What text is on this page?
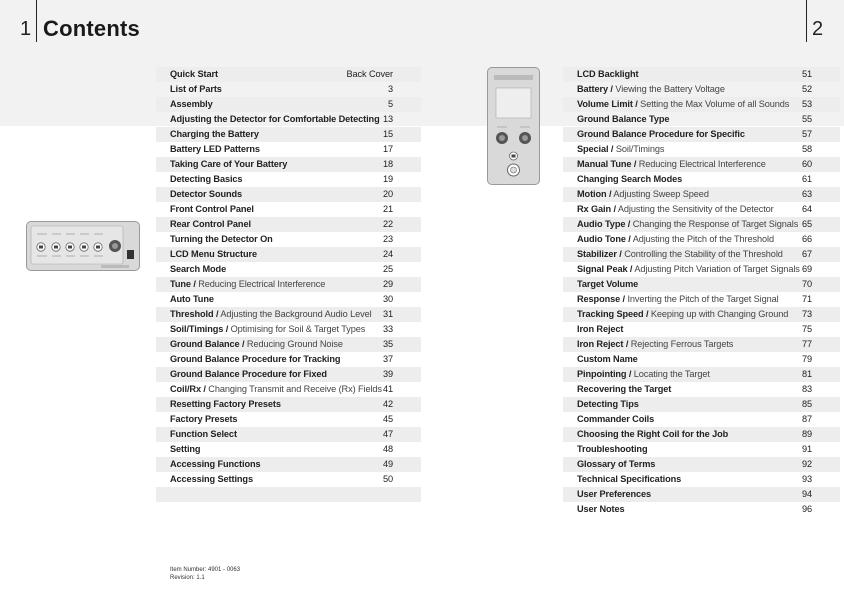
1 Contents	2
Quick Start	Back Cover
List of Parts	3
Assembly	5
Adjusting the Detector for Comfortable Detecting 13
Charging the Battery	15
Battery LED Patterns	17
Taking Care of Your Battery	18
Detecting Basics	19
Detector Sounds	20
Front Control Panel	21
Rear Control Panel	22
Turning the Detector On	23
LCD Menu Structure	24
Search Mode	25
Tune / Reducing Electrical Interference	29
Auto Tune	30
Threshold / Adjusting the Background Audio Level 31
Soil/Timings / Optimising for Soil & Target Types 33
Ground Balance / Reducing Ground Noise	35
Ground Balance Procedure for Tracking	37
Ground Balance Procedure for Fixed	39
Coil/Rx / Changing Transmit and Receive (Rx) Fields 41
Resetting Factory Presets	42
Factory Presets	45
Function Select	47
Setting	48
Accessing Functions	49
Accessing Settings	50
LCD Backlight	51
Battery / Viewing the Battery Voltage	52
Volume Limit / Setting the Max Volume of all Sounds 53
Ground Balance Type	55
Ground Balance Procedure for Specific	57
Special / Soil/Timings	58
Manual Tune / Reducing Electrical Interference	60
Changing Search Modes	61
Motion / Adjusting Sweep Speed	63
Rx Gain / Adjusting the Sensitivity of the Detector	64
Audio Type / Changing the Response of Target Signals 65
Audio Tone / Adjusting the Pitch of the Threshold	66
Stabilizer / Controlling the Stability of the Threshold 67
Signal Peak / Adjusting Pitch Variation of Target Signals 69
Target Volume	70
Response / Inverting the Pitch of the Target Signal	71
Tracking Speed / Keeping up with Changing Ground 73
Iron Reject	75
Iron Reject / Rejecting Ferrous Targets	77
Custom Name	79
Pinpointing / Locating the Target	81
Recovering the Target	83
Detecting Tips	85
Commander Coils	87
Choosing the Right Coil for the Job	89
Troubleshooting	91
Glossary of Terms	92
Technical Specifications	93
User Preferences	94
User Notes	96
Item Number: 4901 - 0063
Revision: 1.1
